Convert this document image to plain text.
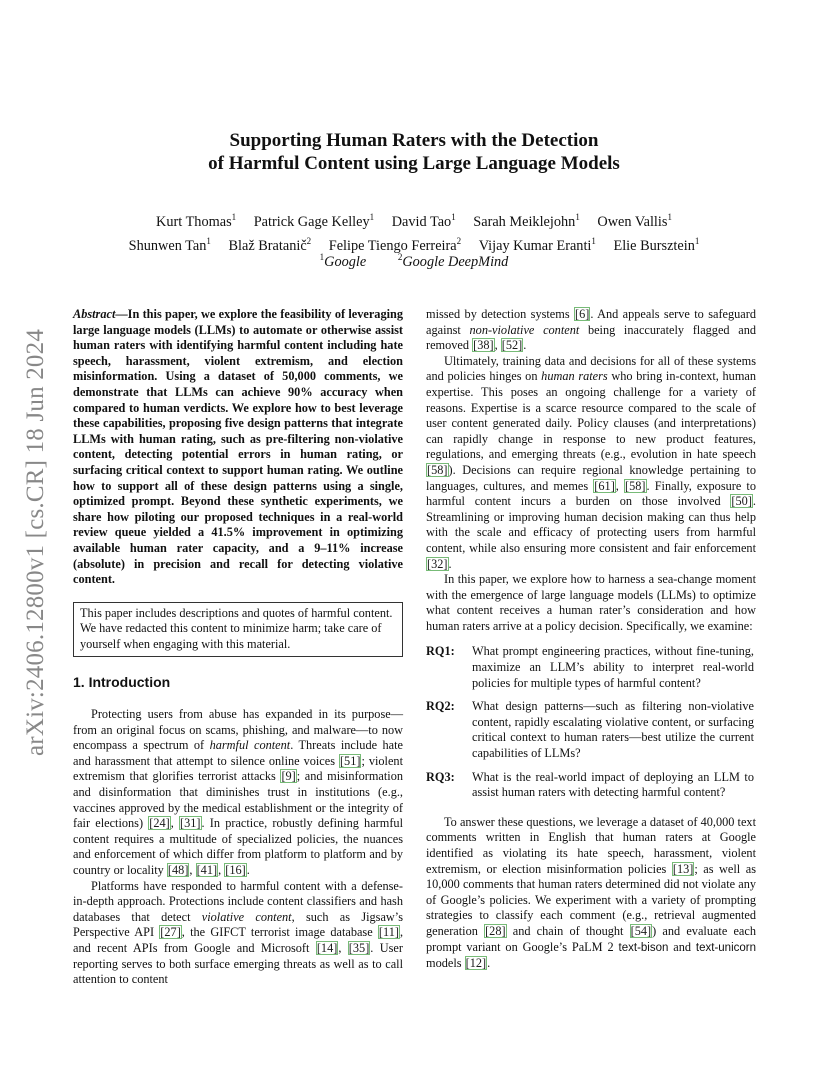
arXiv:2406.12800v1 [cs.CR] 18 Jun 2024
Supporting Human Raters with the Detection
of Harmful Content using Large Language Models
Kurt Thomas$^1$ Patrick Gage Kelley$^1$ David Tao$^1$ Sarah Meiklejohn$^1$ Owen Vallis$^1$
Shunwen Tan$^1$ Blaž Bratanič$^2$ Felipe Tiengo Ferreira$^2$ Vijay Kumar Eranti$^1$ Elie Bursztein$^1$
$^1$Google	$^2$Google DeepMind

Abstract—In this paper, we explore the feasibility of leveraging large language models (LLMs) to automate or otherwise assist human raters with identifying harmful content including hate speech, harassment, violent extremism, and election misinformation. Using a dataset of 50,000 comments, we demonstrate that LLMs can achieve 90% accuracy when compared to human verdicts. We explore how to best leverage these capabilities, proposing five design patterns that integrate LLMs with human rating, such as pre-filtering non-violative content, detecting potential errors in human rating, or surfacing critical context to support human rating. We outline how to support all of these design patterns using a single, optimized prompt. Beyond these synthetic experiments, we share how piloting our proposed techniques in a real-world review queue yielded a 41.5% improvement in optimizing available human rater capacity, and a 9–11% increase (absolute) in precision and recall for detecting violative content.

This paper includes descriptions and quotes of harmful content. We have redacted this content to minimize harm; take care of yourself when engaging with this material.
1. Introduction

Protecting users from abuse has expanded in its purpose—from an original focus on scams, phishing, and malware—to now encompass a spectrum of harmful content. Threats include hate and harassment that attempt to silence online voices [51]; violent extremism that glorifies terrorist attacks [9]; and misinformation and disinformation that diminishes trust in institutions (e.g., vaccines approved by the medical establishment or the integrity of fair elections) [24], [31]. In practice, robustly defining harmful content requires a multitude of specialized policies, the nuances and enforcement of which differ from platform to platform and by country or locality [48], [41], [16].

Platforms have responded to harmful content with a defense-in-depth approach. Protections include content classifiers and hash databases that detect violative content, such as Jigsaw’s Perspective API [27], the GIFCT terrorist image database [11], and recent APIs from Google and Microsoft [14], [35]. User reporting serves to both surface emerging threats as well as to call attention to content

missed by detection systems [6]. And appeals serve to safeguard against non-violative content being inaccurately flagged and removed [38], [52].

Ultimately, training data and decisions for all of these systems and policies hinges on human raters who bring in-context, human expertise. This poses an ongoing challenge for a variety of reasons. Expertise is a scarce resource compared to the scale of user content generated daily. Policy clauses (and interpretations) can rapidly change in response to new product features, regulations, and emerging threats (e.g., evolution in hate speech [58]). Decisions can require regional knowledge pertaining to languages, cultures, and memes [61], [58]. Finally, exposure to harmful content incurs a burden on those involved [50]. Streamlining or improving human decision making can thus help with the scale and efficacy of protecting users from harmful content, while also ensuring more consistent and fair enforcement [32].

In this paper, we explore how to harness a sea-change moment with the emergence of large language models (LLMs) to optimize what content receives a human rater’s consideration and how human raters arrive at a policy decision. Specifically, we examine:

RQ1:	What prompt engineering practices, without fine-tuning, maximize an LLM’s ability to interpret real-world policies for multiple types of harmful content?
RQ2:	What design patterns—such as filtering non-violative content, rapidly escalating violative content, or surfacing critical context to human raters—best utilize the current capabilities of LLMs?
RQ3:	What is the real-world impact of deploying an LLM to assist human raters with detecting harmful content?

To answer these questions, we leverage a dataset of 40,000 text comments written in English that human raters at Google identified as violating its hate speech, harassment, violent extremism, or election misinformation policies [13]; as well as 10,000 comments that human raters determined did not violate any of Google’s policies. We experiment with a variety of prompting strategies to classify each comment (e.g., retrieval augmented generation [28] and chain of thought [54]) and evaluate each prompt variant on Google’s PaLM 2 text-bison and text-unicorn models [12].
